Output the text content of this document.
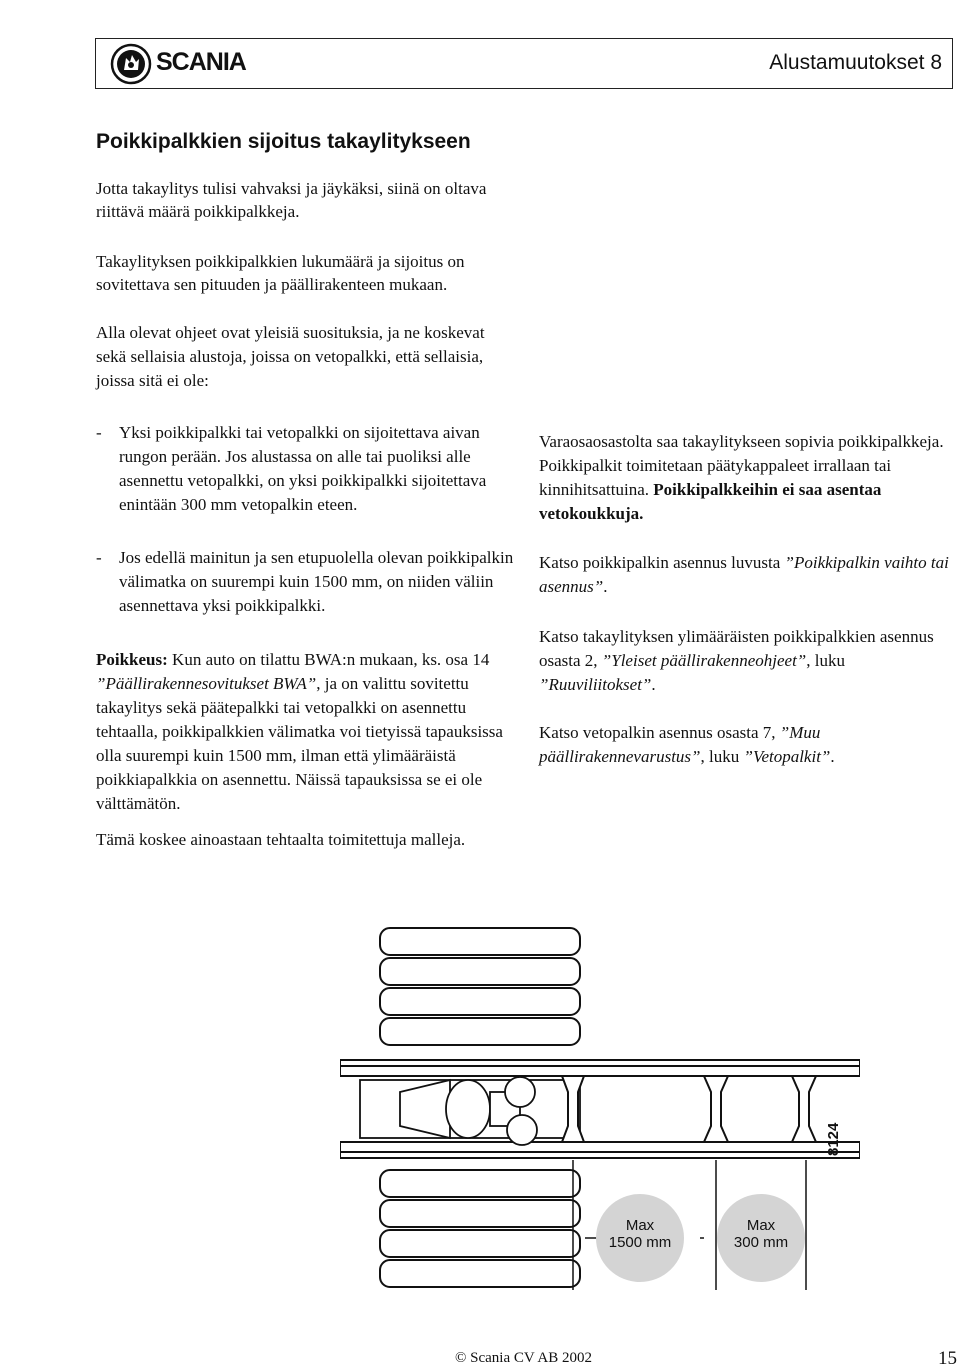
SCANIA	Alustamuutokset 8
Poikkipalkkien sijoitus takaylitykseen

Jotta takaylitys tulisi vahvaksi ja jäykäksi, siinä on oltava riittävä määrä poikkipalkkeja.

Takaylityksen poikkipalkkien lukumäärä ja sijoitus on sovitettava sen pituuden ja päällirakenteen mukaan.

Alla olevat ohjeet ovat yleisiä suosituksia, ja ne koskevat sekä sellaisia alustoja, joissa on vetopalkki, että sellaisia, joissa sitä ei ole:

- Yksi poikkipalkki tai vetopalkki on sijoitettava aivan rungon perään. Jos alustassa on alle tai puoliksi alle asennettu vetopalkki, on yksi poikkipalkki sijoitettava enintään 300 mm vetopalkin eteen.
- Jos edellä mainitun ja sen etupuolella olevan poikkipalkin välimatka on suurempi kuin 1500 mm, on niiden väliin asennettava yksi poikkipalkki.

Poikkeus: Kun auto on tilattu BWA:n mukaan, ks. osa 14 ”Päällirakennesovitukset BWA”, ja on valittu sovitettu takaylitys sekä päätepalkki tai vetopalkki on asennettu tehtaalla, poikkipalkkien välimatka voi tietyissä tapauksissa olla suurempi kuin 1500 mm, ilman että ylimääräistä poikkiapalkkia on asennettu. Näissä tapauksissa se ei ole välttämätön.

Tämä koskee ainoastaan tehtaalta toimitettuja malleja.

Varaosaosastolta saa takaylitykseen sopivia poikkipalkkeja. Poikkipalkit toimitetaan päätykappaleet irrallaan tai kinnihitsattuina. Poikkipalkkeihin ei saa asentaa vetokoukkuja.

Katso poikkipalkin asennus luvusta ”Poikkipalkin vaihto tai asennus”.

Katso takaylityksen ylimääräisten poikkipalkkien asennus osasta 2, ”Yleiset päällirakenneohjeet”, luku ”Ruuviliitokset”.

Katso vetopalkin asennus osasta 7, ”Muu päällirakennevarustus”, luku ”Vetopalkit”.

Max
1500 mm
Max
300 mm
8124
© Scania CV AB 2002	15
